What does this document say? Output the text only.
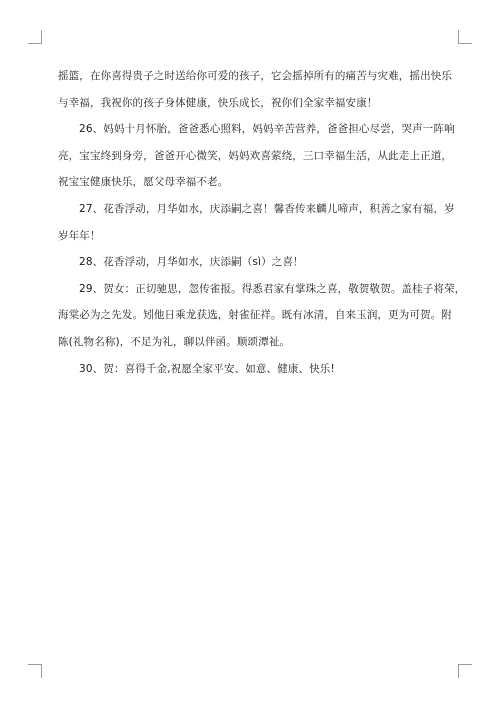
摇篮，在你喜得贵子之时送给你可爱的孩子，它会摇掉所有的痛苦与灾难，摇出快乐
与幸福，我祝你的孩子身体健康，快乐成长，祝你们全家幸福安康！
26、妈妈十月怀胎，爸爸悉心照料，妈妈辛苦营养，爸爸担心尽尝，哭声一阵响
亮，宝宝终到身旁，爸爸开心微笑，妈妈欢喜萦绕，三口幸福生活，从此走上正道，
祝宝宝健康快乐，愿父母幸福不老。
27、花香浮动，月华如水，庆添嗣之喜！馨香传来麟儿啼声，积善之家有福，岁
岁年年！
28、花香浮动，月华如水，庆添嗣（sì）之喜！
29、贺女：正切驰思，忽传雀报。得悉君家有掌珠之喜，敬贺敬贺。盖桂子将荣，
海棠必为之先发。矧他日乘龙获选，射雀征祥。既有冰清，自来玉润，更为可贺。附
陈(礼物名称)，不足为礼，聊以伴函。顺颂潭祉。
30、贺：喜得千金,祝愿全家平安、如意、健康、快乐!
